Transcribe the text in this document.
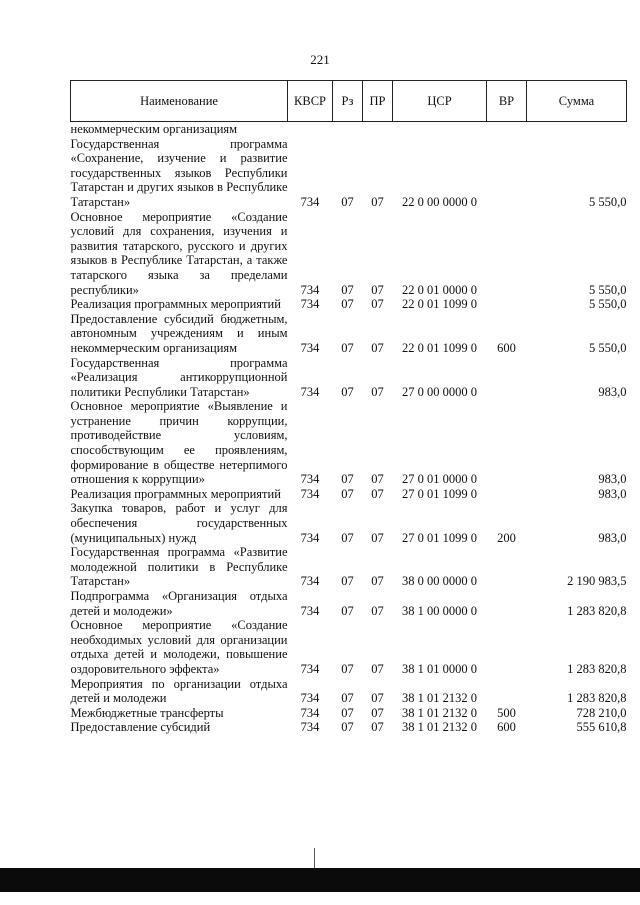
221
Наименование	КВСР	Рз	ПР	ЦСР	ВР	Сумма
некоммерческим организациям						
Государственная программа «Сохранение, изучение и развитие государственных языков Республики Татарстан и других языков в Республике Татарстан»	734	07	07	22 0 00 0000 0		5 550,0
Основное мероприятие «Создание условий для сохранения, изучения и развития татарского, русского и других языков в Республике Татарстан, а также татарского языка за пределами республики»	734	07	07	22 0 01 0000 0		5 550,0
Реализация программных мероприятий	734	07	07	22 0 01 1099 0		5 550,0
Предоставление субсидий бюджетным, автономным учреждениям и иным некоммерческим организациям	734	07	07	22 0 01 1099 0	600	5 550,0
Государственная программа «Реализация антикоррупционной политики Республики Татарстан»	734	07	07	27 0 00 0000 0		983,0
Основное мероприятие «Выявление и устранение причин коррупции, противодействие условиям, способствующим ее проявлениям, формирование в обществе нетерпимого отношения к коррупции»	734	07	07	27 0 01 0000 0		983,0
Реализация программных мероприятий	734	07	07	27 0 01 1099 0		983,0
Закупка товаров, работ и услуг для обеспечения государственных (муниципальных) нужд	734	07	07	27 0 01 1099 0	200	983,0
Государственная программа «Развитие молодежной политики в Республике Татарстан»	734	07	07	38 0 00 0000 0		2 190 983,5
Подпрограмма «Организация отдыха детей и молодежи»	734	07	07	38 1 00 0000 0		1 283 820,8
Основное мероприятие «Создание необходимых условий для организации отдыха детей и молодежи, повышение оздоровительного эффекта»	734	07	07	38 1 01 0000 0		1 283 820,8
Мероприятия по организации отдыха детей и молодежи	734	07	07	38 1 01 2132 0		1 283 820,8
Межбюджетные трансферты	734	07	07	38 1 01 2132 0	500	728 210,0
Предоставление субсидий	734	07	07	38 1 01 2132 0	600	555 610,8
